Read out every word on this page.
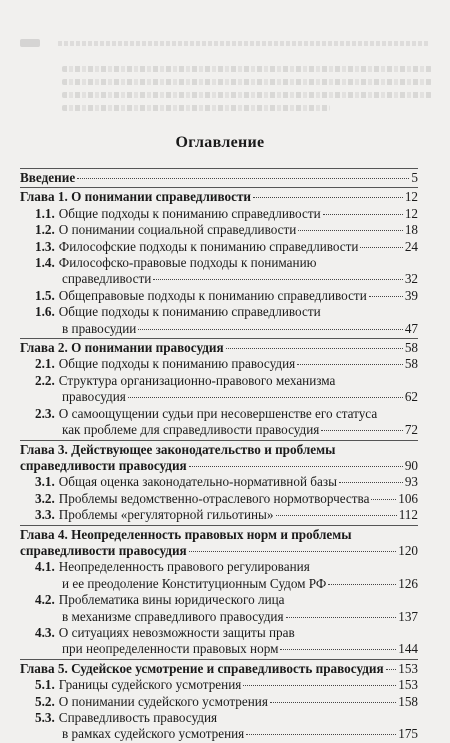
Оглавление
Введение	5
Глава 1. О понимании справедливости	12
1.1. Общие подходы к пониманию справедливости	12
1.2. О понимании социальной справедливости	18
1.3. Философские подходы к пониманию справедливости	24
1.4. Философско-правовые подходы к пониманию
справедливости	32
1.5. Общеправовые подходы к пониманию справедливости	39
1.6. Общие подходы к пониманию справедливости
в правосудии	47
Глава 2. О понимании правосудия	58
2.1. Общие подходы к пониманию правосудия	58
2.2. Структура организационно-правового механизма
правосудия	62
2.3. О самоощущении судьи при несовершенстве его статуса
как проблеме для справедливости правосудия	72
Глава 3. Действующее законодательство и проблемы
справедливости правосудия	90
3.1. Общая оценка законодательно-нормативной базы	93
3.2. Проблемы ведомственно-отраслевого нормотворчества 106
3.3. Проблемы «регуляторной гильотины»	112
Глава 4. Неопределенность правовых норм и проблемы
справедливости правосудия	120
4.1. Неопределенность правового регулирования
и ее преодоление Конституционным Судом РФ	126
4.2. Проблематика вины юридического лица
в механизме справедливого правосудия	137
4.3. О ситуациях невозможности защиты прав
при неопределенности правовых норм	144
Глава 5. Судейское усмотрение и справедливость правосудия 153
5.1. Границы судейского усмотрения	153
5.2. О понимании судейского усмотрения	158
5.3. Справедливость правосудия
в рамках судейского усмотрения	175
